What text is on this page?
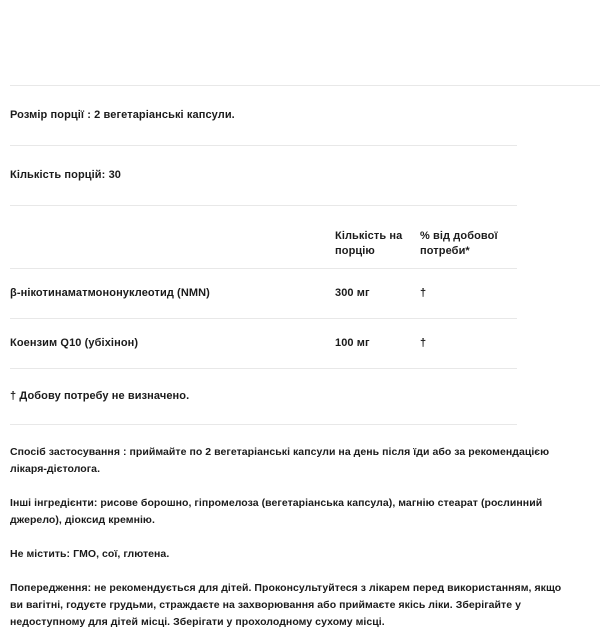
Розмір порції : 2 вегетаріанські капсули.
Кількість порцій: 30
	Кількість на порцію	% від добової потреби*

β-нікотинаматмононуклеотид (NMN)	300 мг	†

Коензим Q10 (убіхінон)	100 мг	†

† Добову потребу не визначено.

Спосіб застосування : приймайте по 2 вегетаріанські капсули на день після їди або за рекомендацією лікаря-дієтолога.

Інші інгредієнти: рисове борошно, гіпромелоза (вегетаріанська капсула), магнію стеарат (рослинний джерело), діоксид кремнію.

Не містить: ГМО, сої, глютена.

Попередження: не рекомендується для дітей. Проконсультуйтеся з лікарем перед використанням, якщо ви вагітні, годуєте грудьми, страждаєте на захворювання або приймаєте якісь ліки. Зберігайте у недоступному для дітей місці. Зберігати у прохолодному сухому місці.
